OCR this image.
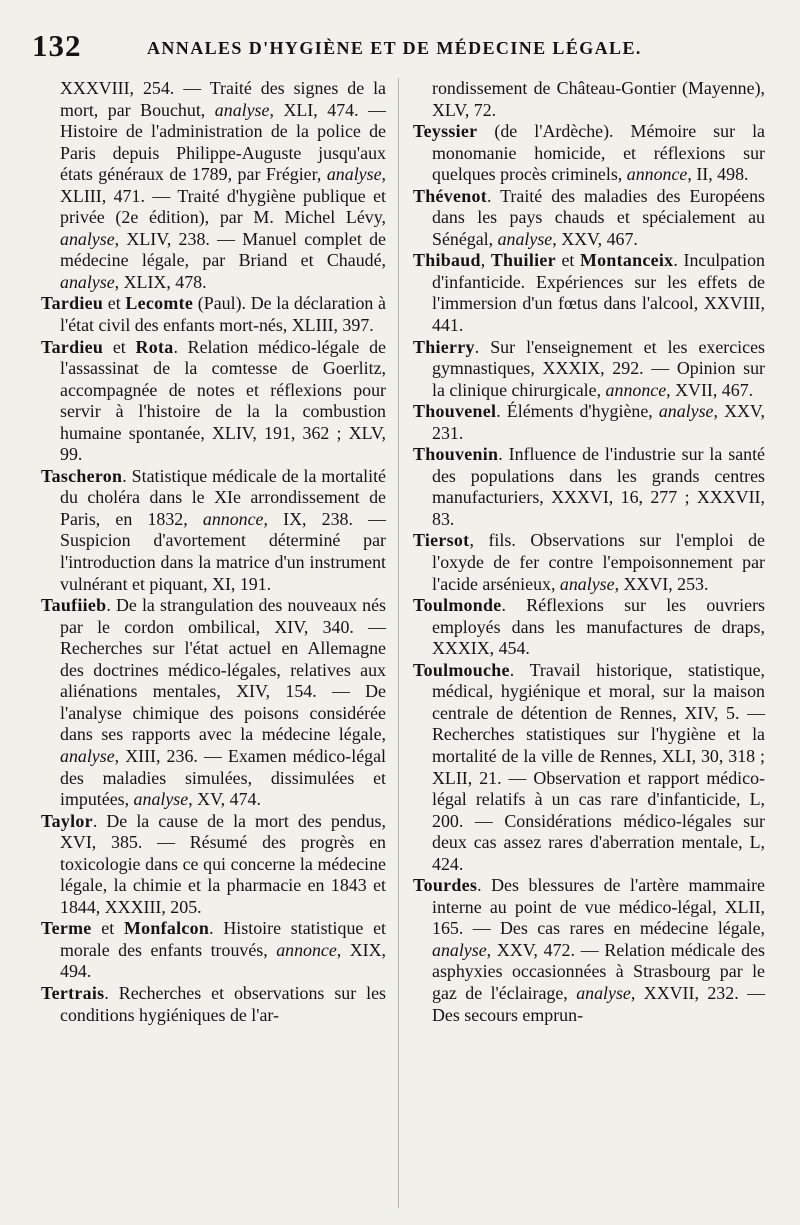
132	ANNALES D'HYGIÈNE ET DE MÉDECINE LÉGALE.

XXXVIII, 254. — Traité des signes de la mort, par Bouchut, analyse, XLI, 474. — Histoire de l'administration de la police de Paris depuis Philippe-Auguste jusqu'aux états généraux de 1789, par Frégier, analyse, XLIII, 471. — Traité d'hygiène publique et privée (2e édition), par M. Michel Lévy, analyse, XLIV, 238. — Manuel complet de médecine légale, par Briand et Chaudé, analyse, XLIX, 478.

Tardieu et Lecomte (Paul). De la déclaration à l'état civil des enfants mort-nés, XLIII, 397.

Tardieu et Rota. Relation médico-légale de l'assassinat de la comtesse de Goerlitz, accompagnée de notes et réflexions pour servir à l'histoire de la la combustion humaine spontanée, XLIV, 191, 362 ; XLV, 99.

Tascheron. Statistique médicale de la mortalité du choléra dans le XIe arrondissement de Paris, en 1832, annonce, IX, 238. — Suspicion d'avortement déterminé par l'introduction dans la matrice d'un instrument vulnérant et piquant, XI, 191.

Taufiieb. De la strangulation des nouveaux nés par le cordon ombilical, XIV, 340. — Recherches sur l'état actuel en Allemagne des doctrines médico-légales, relatives aux aliénations mentales, XIV, 154. — De l'analyse chimique des poisons considérée dans ses rapports avec la médecine légale, analyse, XIII, 236. — Examen médico-légal des maladies simulées, dissimulées et imputées, analyse, XV, 474.

Taylor. De la cause de la mort des pendus, XVI, 385. — Résumé des progrès en toxicologie dans ce qui concerne la médecine légale, la chimie et la pharmacie en 1843 et 1844, XXXIII, 205.

Terme et Monfalcon. Histoire statistique et morale des enfants trouvés, annonce, XIX, 494.

Tertrais. Recherches et observations sur les conditions hygiéniques de l'ar-

rondissement de Château-Gontier (Mayenne), XLV, 72.

Teyssier (de l'Ardèche). Mémoire sur la monomanie homicide, et réflexions sur quelques procès criminels, annonce, II, 498.

Thévenot. Traité des maladies des Européens dans les pays chauds et spécialement au Sénégal, analyse, XXV, 467.

Thibaud, Thuilier et Montanceix. Inculpation d'infanticide. Expériences sur les effets de l'immersion d'un fœtus dans l'alcool, XXVIII, 441.

Thierry. Sur l'enseignement et les exercices gymnastiques, XXXIX, 292. — Opinion sur la clinique chirurgicale, annonce, XVII, 467.

Thouvenel. Éléments d'hygiène, analyse, XXV, 231.

Thouvenin. Influence de l'industrie sur la santé des populations dans les grands centres manufacturiers, XXXVI, 16, 277 ; XXXVII, 83.

Tiersot, fils. Observations sur l'emploi de l'oxyde de fer contre l'empoisonnement par l'acide arsénieux, analyse, XXVI, 253.

Toulmonde. Réflexions sur les ouvriers employés dans les manufactures de draps, XXXIX, 454.

Toulmouche. Travail historique, statistique, médical, hygiénique et moral, sur la maison centrale de détention de Rennes, XIV, 5. — Recherches statistiques sur l'hygiène et la mortalité de la ville de Rennes, XLI, 30, 318 ; XLII, 21. — Observation et rapport médico-légal relatifs à un cas rare d'infanticide, L, 200. — Considérations médico-légales sur deux cas assez rares d'aberration mentale, L, 424.

Tourdes. Des blessures de l'artère mammaire interne au point de vue médico-légal, XLII, 165. — Des cas rares en médecine légale, analyse, XXV, 472. — Relation médicale des asphyxies occasionnées à Strasbourg par le gaz de l'éclairage, analyse, XXVII, 232. — Des secours emprun-
